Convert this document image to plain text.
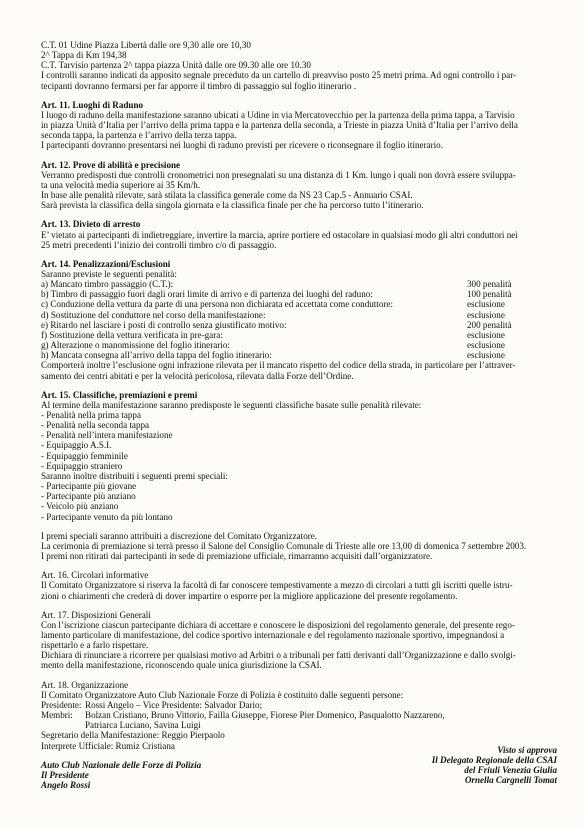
C.T. 01 Udine Piazza Libertà dalle ore 9,30 alle ore 10,30
2^ Tappa di Km 194,38
C.T. Tarvisio partenza 2^ tappa piazza Unità dalle ore 09.30 alle ore 10.30
I controlli saranno indicati da apposito segnale preceduto da un cartello di preavviso posto 25 metri prima. Ad ogni controllo i par-
tecipanti dovranno fermarsi per far apporre il timbro di passaggio sul foglio itinerario .
Art. 11. Luoghi di Raduno
I luogo di raduno della manifestazione saranno ubicati a Udine in via Mercatovecchio per la partenza della prima tappa, a Tarvisio
in piazza Unità d’Italia per l’arrivo della prima tappa e la partenza della seconda, a Trieste in piazza Unità d’Italia per l’arrivo della
seconda tappa, la partenza e l’arrivo della terza tappa.
I partecipanti dovranno presentarsi nei luoghi di raduno previsti per ricevere o riconsegnare il foglio itinerario.
Art. 12. Prove di abilità e precisione
Verranno predisposti due controlli cronometrici non presegnalati su una distanza di 1 Km. lungo i quali non dovrà essere sviluppa-
ta una velocità media superiore ai 35 Km/h.
In base alle penalità rilevate, sarà stilata la classifica generale come da NS 23 Cap.5 - Annuario CSAI.
Sarà prevista la classifica della singola giornata e la classifica finale per che ha percorso tutto l’itinerario.
Art. 13. Divieto di arresto
E’ vietato ai partecipanti di indietreggiare, invertire la marcia, aprire portiere ed ostacolare in qualsiasi modo gli altri conduttori nei
25 metri precedenti l’inizio dei controlli timbro c/o di passaggio.
Art. 14. Penalizzazioni/Esclusioni
Saranno previste le seguenti penalità:
a) Mancato timbro passaggio (C.T.):	300 penalità
b) Timbro di passaggio fuori dagli orari limite di arrivo e di partenza dei luoghi del raduno:	100 penalità
c) Conduzione della vettura da parte di una persona non dichiarata ed accettata come conduttore:	esclusione
d) Sostituzione del conduttore nel corso della manifestazione:	esclusione
e) Ritardo nel lasciare i posti di controllo senza giustificato motivo:	200 penalità
f) Sostituzione della vettura verificata in pre-gara:	esclusione
g) Alterazione o manomissione del foglio itinerario:	esclusione
h) Mancata consegna all’arrivo della tappa del foglio itinerario:	esclusione
Comporterà inoltre l’esclusione ogni infrazione rilevata per il mancato rispetto del codice della strada, in particolare per l’attraver-
samento dei centri abitati e per la velocità pericolosa, rilevata dalla Forze dell’Ordine.
Art. 15. Classifiche, premiazioni e premi
Al termine della manifestazione saranno predisposte le seguenti classifiche basate sulle penalità rilevate:
- Penalità nella prima tappa
- Penalità nella seconda tappa
- Penalità nell’intera manifestazione
- Equipaggio A.S.I.
- Equipaggio femminile
- Equipaggio straniero
Saranno inoltre distribuiti i seguenti premi speciali:
- Partecipante più giovane
- Partecipante più anziano
- Veicolo più anziano
- Partecipante venuto da più lontano
I premi speciali saranno attribuiti a discrezione del Comitato Organizzatore.
La cerimonia di premiazione si terrà presso il Salone del Consiglio Comunale di Trieste alle ore 13,00 di domenica 7 settembre 2003.
I premi non ritirati dai partecipanti in sede di premiazione ufficiale, rimarranno acquisiti dall’organizzatore.
Art. 16. Circolari informative
Il Comitato Organizzatore si riserva la facoltà di far conoscere tempestivamente a mezzo di circolari a tutti gli iscritti quelle istru-
zioni o chiarimenti che crederà di dover impartire o esporre per la migliore applicazione del presente regolamento.
Art. 17. Disposizioni Generali
Con l’iscrizione ciascun partecipante dichiara di accettare e conoscere le disposizioni del regolamento generale, del presente rego-
lamento particolare di manifestazione, del codice sportivo internazionale e del regolamento nazionale sportivo, impegnandosi a
rispettarlo e a farlo rispettare.
Dichiara di rinunciare a ricorrere per qualsiasi motivo ad Arbitri o a tribunali per fatti derivanti dall’Organizzazione e dallo svolgi-
mento della manifestazione, riconoscendo quale unica giurisdizione la CSAI.
Art. 18. Organizzazione
Il Comitato Organizzatore Auto Club Nazionale Forze di Polizia è costituito dalle seguenti persone:
Presidente: Rossi Angelo – Vice Presidente: Salvador Dario;
Membri:	Bolzan Cristiano, Bruno Vittorio, Failla Giuseppe, Fiorese Pier Domenico, Pasqualotto Nazzareno,
Patriarca Luciano, Savina Luigi
Segretario della Manifestazione: Reggio Pierpaolo
Interprete Ufficiale: Rumiz Cristiana
Auto Club Nazionale delle Forze di Polizia
Il Presidente
Angelo Rossi
Visto si approva
Il Delegato Regionale della CSAI
del Friuli Venezia Giulia
Ornella Cargnelli Tomat
